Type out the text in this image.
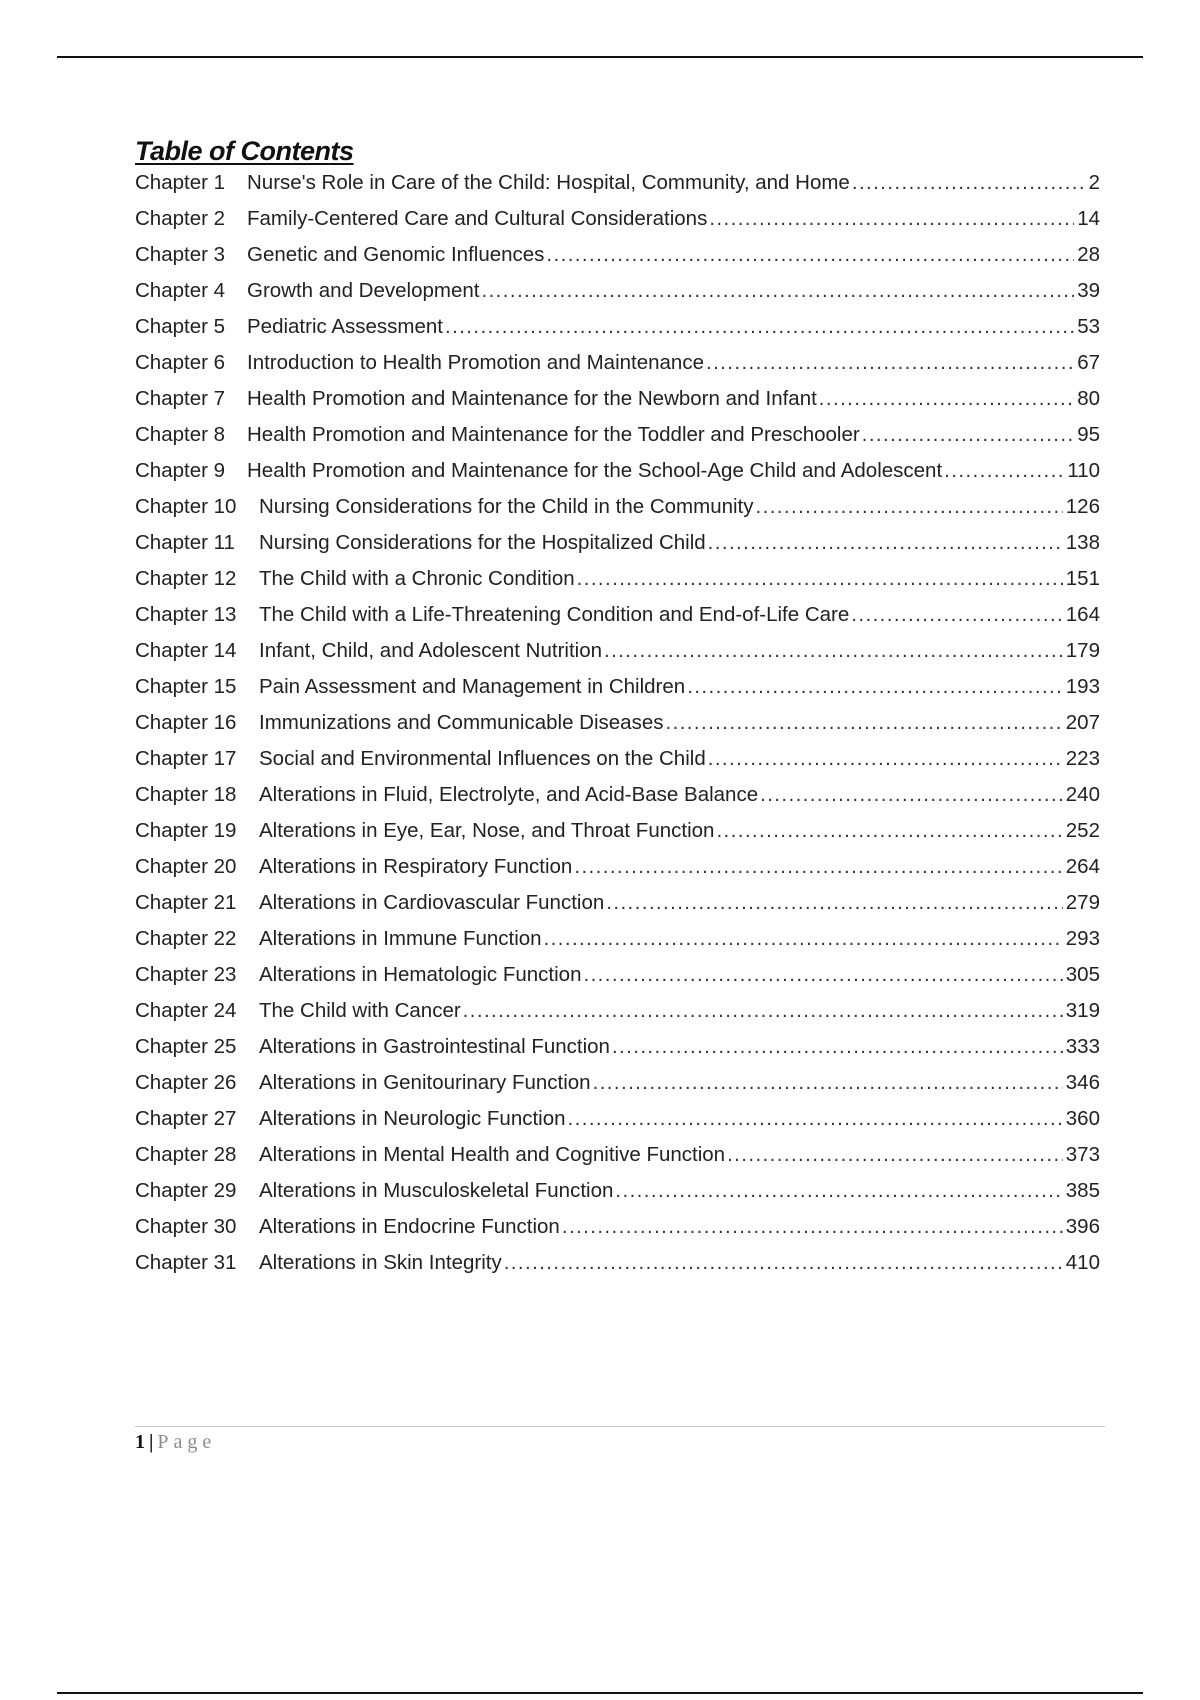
Table of Contents
Chapter 1 Nurse's Role in Care of the Child: Hospital, Community, and Home .....	2
Chapter 2 Family-Centered Care and Cultural Considerations .....	14
Chapter 3 Genetic and Genomic Influences .....	28
Chapter 4 Growth and Development .....	39
Chapter 5 Pediatric Assessment .....	53
Chapter 6 Introduction to Health Promotion and Maintenance .....	67
Chapter 7 Health Promotion and Maintenance for the Newborn and Infant .....	80
Chapter 8 Health Promotion and Maintenance for the Toddler and Preschooler .....	95
Chapter 9 Health Promotion and Maintenance for the School-Age Child and Adolescent .....	110
Chapter 10 Nursing Considerations for the Child in the Community .....	126
Chapter 11 Nursing Considerations for the Hospitalized Child .....	138
Chapter 12 The Child with a Chronic Condition .....	151
Chapter 13 The Child with a Life-Threatening Condition and End-of-Life Care .....	164
Chapter 14 Infant, Child, and Adolescent Nutrition .....	179
Chapter 15 Pain Assessment and Management in Children .....	193
Chapter 16 Immunizations and Communicable Diseases .....	207
Chapter 17 Social and Environmental Influences on the Child .....	223
Chapter 18 Alterations in Fluid, Electrolyte, and Acid-Base Balance .....	240
Chapter 19 Alterations in Eye, Ear, Nose, and Throat Function .....	252
Chapter 20 Alterations in Respiratory Function .....	264
Chapter 21 Alterations in Cardiovascular Function .....	279
Chapter 22 Alterations in Immune Function .....	293
Chapter 23 Alterations in Hematologic Function .....	305
Chapter 24 The Child with Cancer .....	319
Chapter 25 Alterations in Gastrointestinal Function .....	333
Chapter 26 Alterations in Genitourinary Function .....	346
Chapter 27 Alterations in Neurologic Function .....	360
Chapter 28 Alterations in Mental Health and Cognitive Function .....	373
Chapter 29 Alterations in Musculoskeletal Function .....	385
Chapter 30 Alterations in Endocrine Function .....	396
Chapter 31 Alterations in Skin Integrity .....	410
1 | Page
